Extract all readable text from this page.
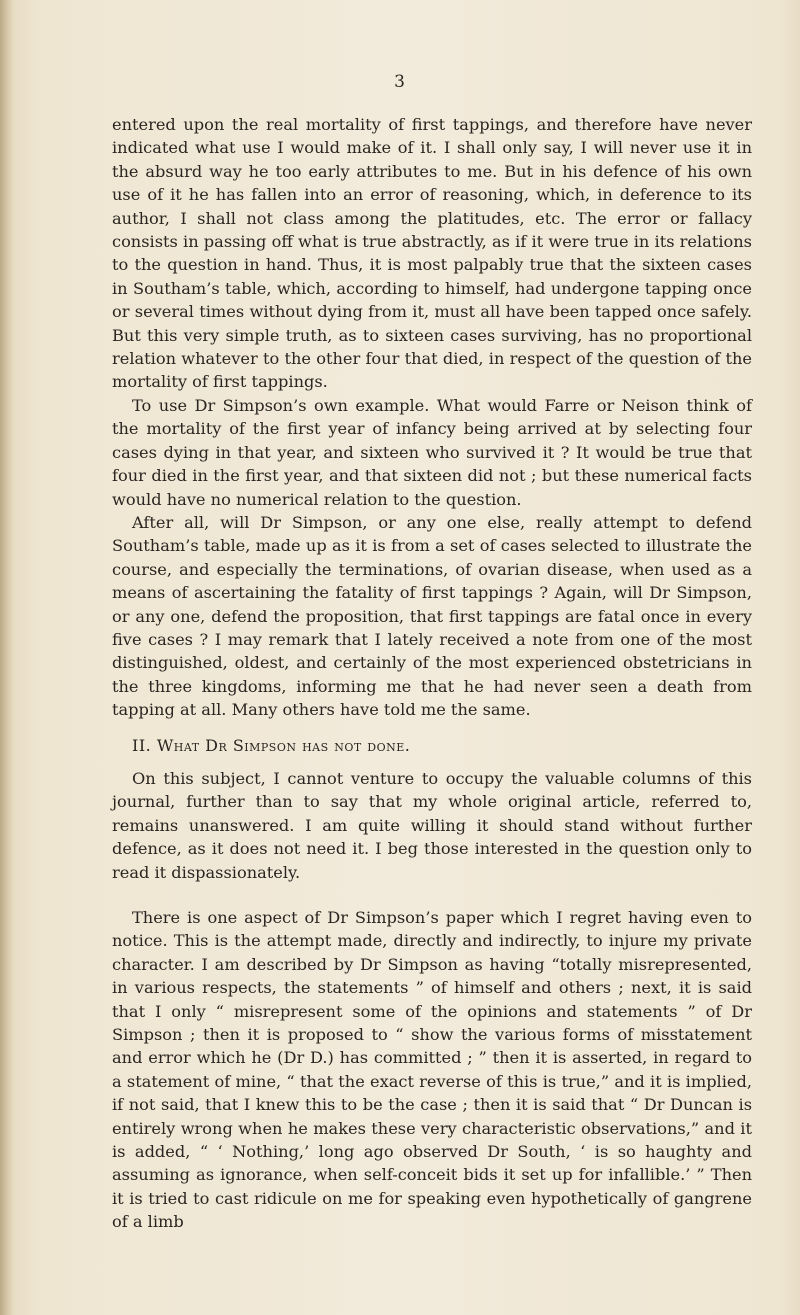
3

entered upon the real mortality of first tappings, and therefore have never indicated what use I would make of it. I shall only say, I will never use it in the absurd way he too early attributes to me. But in his defence of his own use of it he has fallen into an error of reasoning, which, in deference to its author, I shall not class among the platitudes, etc. The error or fallacy consists in passing off what is true abstractly, as if it were true in its relations to the question in hand. Thus, it is most palpably true that the sixteen cases in Southam’s table, which, according to himself, had undergone tapping once or several times without dying from it, must all have been tapped once safely. But this very simple truth, as to sixteen cases surviving, has no proportional relation whatever to the other four that died, in respect of the question of the mortality of first tappings.

To use Dr Simpson’s own example. What would Farre or Neison think of the mortality of the first year of infancy being arrived at by selecting four cases dying in that year, and sixteen who survived it ? It would be true that four died in the first year, and that sixteen did not ; but these numerical facts would have no numerical relation to the question.

After all, will Dr Simpson, or any one else, really attempt to defend Southam’s table, made up as it is from a set of cases selected to illustrate the course, and especially the terminations, of ovarian disease, when used as a means of ascertaining the fatality of first tappings ? Again, will Dr Simpson, or any one, defend the proposition, that first tappings are fatal once in every five cases ? I may remark that I lately received a note from one of the most distinguished, oldest, and certainly of the most experienced obstetricians in the three kingdoms, informing me that he had never seen a death from tapping at all. Many others have told me the same.

II. What Dr Simpson has not done.

On this subject, I cannot venture to occupy the valuable columns of this journal, further than to say that my whole original article, referred to, remains unanswered. I am quite willing it should stand without further defence, as it does not need it. I beg those interested in the question only to read it dispassionately.

There is one aspect of Dr Simpson’s paper which I regret having even to notice. This is the attempt made, directly and indirectly, to injure my private character. I am described by Dr Simpson as having “totally misrepresented, in various respects, the statements ” of himself and others ; next, it is said that I only “ misrepresent some of the opinions and statements ” of Dr Simpson ; then it is proposed to “ show the various forms of misstatement and error which he (Dr D.) has committed ; ” then it is asserted, in regard to a statement of mine, “ that the exact reverse of this is true,” and it is implied, if not said, that I knew this to be the case ; then it is said that “ Dr Duncan is entirely wrong when he makes these very characteristic observations,” and it is added, “ ‘ Nothing,’ long ago observed Dr South, ‘ is so haughty and assuming as ignorance, when self-conceit bids it set up for infallible.’ ” Then it is tried to cast ridicule on me for speaking even hypothetically of gangrene of a limb
